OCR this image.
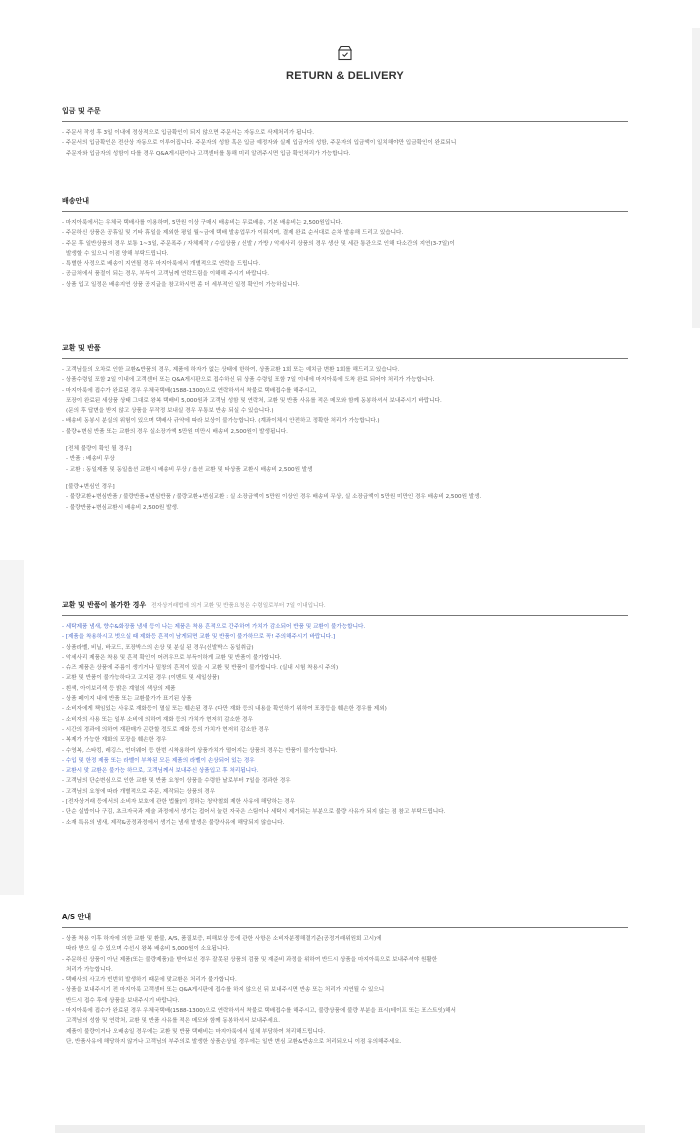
RETURN & DELIVERY
입금 및 주문
- 주문서 작성 후 3일 이내에 정상적으로 입금확인이 되지 않으면 주문서는 자동으로 삭제처리가 됩니다.
- 주문서의 입금확인은 전산상 자동으로 이루어집니다. 주문자의 성함 혹은 입금 예정자와 실제 입금자의 성함, 주문자의 입금액이 일치해야만 입금확인이 완료되니
주문자와 입금자의 성함이 다를 경우 Q&A게시판이나 고객센터를 통해 미리 알려주시면 입금 확인처리가 가능합니다.
배송안내
- 마지아룩에서는 우체국 택배사를 이용하며, 5만원 이상 구매시 배송비는 무료배송, 기본 배송비는 2,500원입니다.
- 주문하신 상품은 공휴일 및 기타 휴일을 제외한 평일 월~금에 택배 발송업무가 이뤄지며, 결제 완료 순서대로 순차 발송해 드리고 있습니다.
- 주문 후 일반상품의 경우 보통 1~3일, 주문폭주 / 자체제작 / 수입상품 / 신발 / 가방 / 악세사리 상품의 경우 생산 및 세관 통관으로 인해 다소간의 지연(3-7일)이
발생할 수 있으니 이점 양해 부탁드립니다.
- 특별한 사정으로 배송이 지연될 경우 마지아룩에서 개별적으로 연락을 드립니다.
- 공급처에서 품절이 되는 경우, 부득이 고객님께 연락드림을 이해해 주시기 바랍니다.
- 상품 입고 일정은 배송지연 상품 공지글을 참고하시면 좀 더 세부적인 일정 확인이 가능하십니다.
교환 및 반품
- 고객님들의 오차로 인한 교환&반품의 경우, 제품에 하자가 없는 상태에 한하여, 상품교환 1회 또는 예치금 변환 1회를 해드리고 있습니다.
- 상품수령일 포함 2일 이내에 고객센터 또는 Q&A게시판으로 접수하신 뒤 상품 수령일 포함 7일 이내에 마지아룩에 도착 완료 되어야 처리가 가능합니다.
- 마지아룩에 접수가 완료된 경우 우체국택배(1588-1300)으로 연락하셔서 착불로 택배접수를 해주시고,
포장이 완료된 새상품 상태 그대로 왕복 택배비 5,000원과 고객님 성함 및 연락처, 교환 및 반품 사유를 적은 메모와 함께 동봉하셔서 보내주시기 바랍니다.
(문의 후 답변을 받지 않고 상품을 무작정 보내실 경우 무통보 반송 되실 수 있습니다.)
- 배송비 동봉시 분실의 위험이 있으며 택배사 규약에 따라 보상이 불가능합니다. (계좌이체시 안전하고 정확한 처리가 가능합니다.)
- 불량+변심 반품 또는 교환의 경우 실소장가액 5만원 미만시 배송비 2,500원이 발생됩니다.
[전체 불량이 확인 될 경우]
- 반품 : 배송비 무상
- 교환 : 동일제품 및 동일옵션 교환시 배송비 무상 / 옵션 교환 및 타상품 교환시 배송비 2,500원 발생
[불량+변심인 경우]
- 불량교환+변심반품 / 불량반품+변심반품 / 불량교환+변심교환 : 실 소장금액이 5만원 이상인 경우 배송비 무상, 실 소장금액이 5만원 미만인 경우 배송비 2,500원 발생.
- 불량반품+변심교환시 배송비 2,500원 발생.
교환 및 반품이 불가한 경우 전자상거래법에 의거 교환 및 반품요청은 수령일로부터 7일 이내입니다.
- 세탁제품 냄새, 향수&화장품 냄새 등이 나는 제품은 착용 흔적으로 간주하여 가치가 감소되어 반품 및 교환이 불가능합니다.
- [제품을 착용하시고 벗으실 때 제화등 흔적이 남게되면 교환 및 반품이 불가하므로 꼭! 주의해주시기 바랍니다.]
- 상품라벨, 비닐, 바코드, 포장박스의 손상 및 분실 된 경우(신발박스 동일취급)
- 악세사리 제품은 착용 및 흔적 확인이 어려우므로 부득이하게 교환 및 반품이 불가합니다.
- 슈즈 제품은 상품에 주름이 생기거나 밑창의 흔적이 있을 시 교환 및 반품이 불가합니다. (실내 시험 착용시 주의)
- 교환 및 반품이 불가능하다고 고지된 경우 (이벤트 및 세일상품)
- 흰색, 아이보리색 등 밝은 계열의 색상의 제품
- 상품 페이지 내에 반품 또는 교환불가가 표기된 상품
- 소비자에게 책임있는 사유로 재화등이 멸실 또는 훼손된 경우 (다만 재화 등의 내용을 확인하기 위하여 포장등을 훼손한 경우를 제외)
- 소비자의 사용 또는 일부 소비에 의하여 재화 등의 가치가 현저히 감소한 경우
- 시간의 경과에 의하여 재판매가 곤란할 정도로 재화 등의 가치가 현저히 감소한 경우
- 복제가 가능한 재화의 포장을 훼손한 경우
- 수영복, 스타킹, 레깅스, 언더웨어 등 한번 시착용하여 상품가치가 떨어지는 상품의 경우는 반품이 불가능합니다.
- 수입 및 한정 제품 또는 라벨이 부착된 모든 제품의 라벨이 손상되어 있는 경우
- 교환시 맞 교환은 불가능 하므로, 고객님께서 보내주신 상품입고 후 처리됩니다.
- 고객님의 단순변심으로 인한 교환 및 반품 요청이 상품을 수령한 날로부터 7일을 경과한 경우
- 고객님의 요청에 따라 개별적으로 주문, 제작되는 상품의 경우
- [전자상거래 등에서의 소비자 보호에 관한 법률]이 정하는 청약철회 제한 사유에 해당하는 경우
- 단순 실밥이나 구김, 초크자국과 제술 과정에서 생기는 접어서 눌린 자국은 스팀이나 세탁시 제거되는 부분으로 불량 사유가 되지 않는 점 참고 부탁드립니다.
- 소재 특유의 냄새, 제작&공정과정에서 생기는 냄새 발생은 불량사유에 해당되지 않습니다.
A/S 안내
- 상품 착용 이후 하자에 의한 교환 및 환불, A/S, 품질보증, 피해보상 등에 관한 사항은 소비자분쟁해결기준(공정거래위원회 고시)에
따라 받으 실 수 있으며 수선시 왕복 배송비 5,000원이 소요됩니다.
- 주문하신 상품이 아닌 제품(또는 불량제품)을 받아보신 경우 잘못된 상품의 검품 및 재준비 과정을 위하여 반드시 상품을 마지아룩으로 보내주셔야 원활한
처리가 가능합니다.
- 택배사의 사고가 빈번히 발생하기 때문에 맞교환은 처리가 불가합니다.
- 상품을 보내주시기 전 마지아룩 고객센터 또는 Q&A게시판에 접수를 하지 않으신 뒤 보내주시면 반송 또는 처리가 지연될 수 있으니
반드시 접수 후에 상품을 보내주시기 바랍니다.
- 마지아룩에 접수가 완료된 경우 우체국택배(1588-1300)으로 연락하셔서 착불로 택배접수를 해주시고, 불량상품에 불량 부분을 표시(테이프 또는 포스트잇)해서
고객님의 성함 및 연락처, 교환 및 반품 사유를 적은 메모와 함께 동봉하셔서 보내주세요.
제품이 불량이거나 오배송일 경우에는 교환 및 반품 택배비는 마지아룩에서 일체 부담하여 처리해드립니다.
단, 반품사유에 해당하지 않거나 고객님의 부주의로 발생한 상품손상일 경우에는 일반 변심 교환&반송으로 처리되오니 이점 유의해주세요.
